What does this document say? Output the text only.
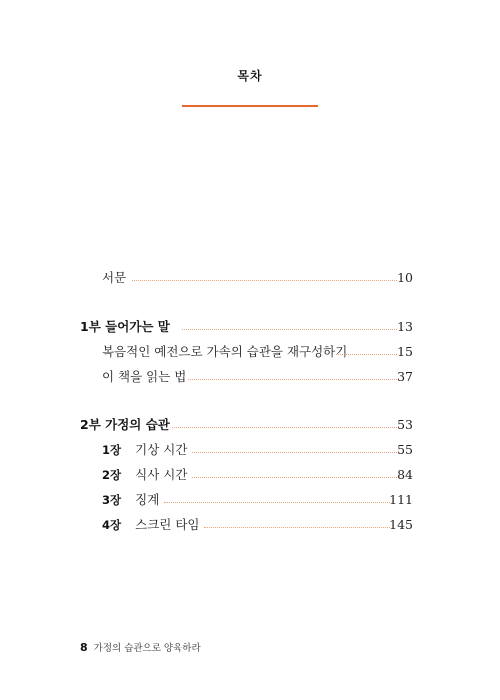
목차
서문	10
1부 들어가는 말	13
복음적인 예전으로 가속의 습관을 재구성하기	15
이 책을 읽는 법	37
2부 가정의 습관	53
1장 기상 시간	55
2장 식사 시간	84
3장 징계	111
4장 스크린 타임	145
8 가정의 습관으로 양육하라
